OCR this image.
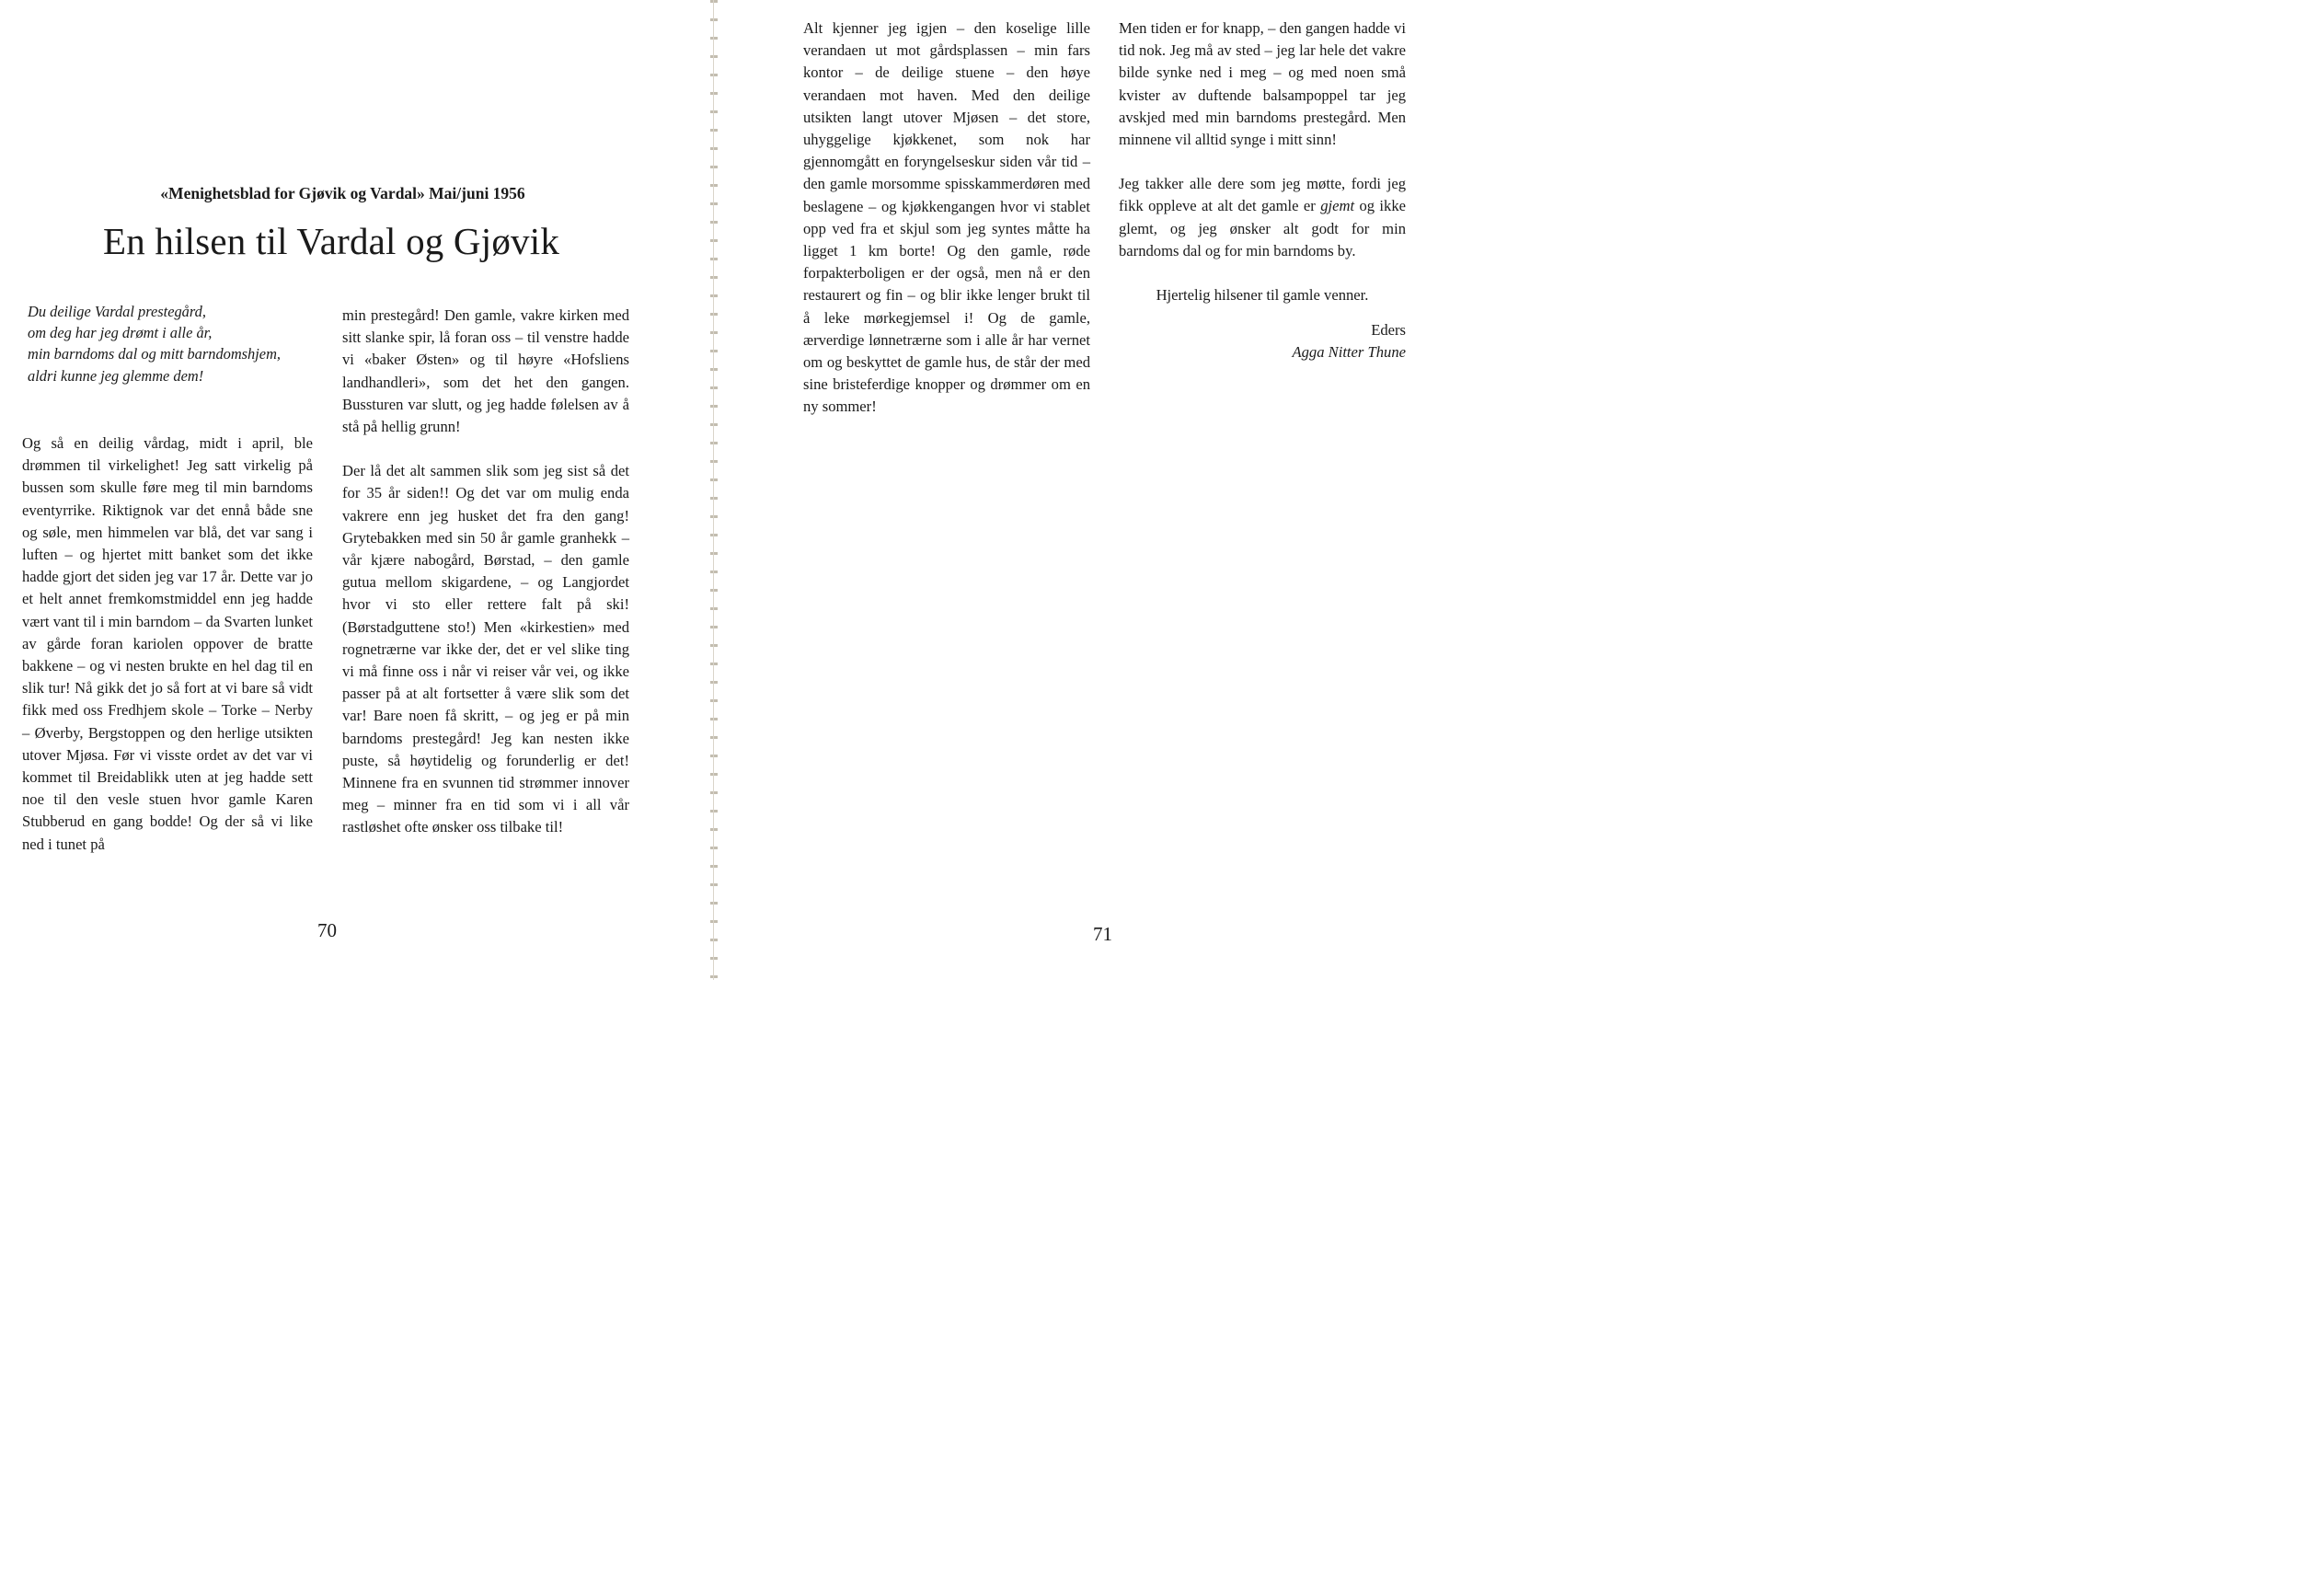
«Menighetsblad for Gjøvik og Vardal» Mai/juni 1956
En hilsen til Vardal og Gjøvik

Du deilige Vardal prestegård,
om deg har jeg drømt i alle år,
min barndoms dal og mitt barndomshjem,
aldri kunne jeg glemme dem!

Og så en deilig vårdag, midt i april, ble drømmen til virkelighet! Jeg satt virkelig på bussen som skulle føre meg til min barndoms eventyrrike. Riktignok var det ennå både sne og søle, men himmelen var blå, det var sang i luften – og hjertet mitt banket som det ikke hadde gjort det siden jeg var 17 år. Dette var jo et helt annet fremkomstmiddel enn jeg hadde vært vant til i min barndom – da Svarten lunket av gårde foran kariolen oppover de bratte bakkene – og vi nesten brukte en hel dag til en slik tur! Nå gikk det jo så fort at vi bare så vidt fikk med oss Fredhjem skole – Torke – Nerby – Øverby, Bergstoppen og den herlige utsikten utover Mjøsa. Før vi visste ordet av det var vi kommet til Breidablikk uten at jeg hadde sett noe til den vesle stuen hvor gamle Karen Stubberud en gang bodde! Og der så vi like ned i tunet på

min prestegård! Den gamle, vakre kirken med sitt slanke spir, lå foran oss – til venstre hadde vi «baker Østen» og til høyre «Hofsliens landhandleri», som det het den gangen. Bussturen var slutt, og jeg hadde følelsen av å stå på hellig grunn!

Der lå det alt sammen slik som jeg sist så det for 35 år siden!! Og det var om mulig enda vakrere enn jeg husket det fra den gang! Grytebakken med sin 50 år gamle granhekk – vår kjære nabogård, Børstad, – den gamle gutua mellom skigardene, – og Langjordet hvor vi sto eller rettere falt på ski! (Børstadguttene sto!) Men «kirkestien» med rognetrærne var ikke der, det er vel slike ting vi må finne oss i når vi reiser vår vei, og ikke passer på at alt fortsetter å være slik som det var! Bare noen få skritt, – og jeg er på min barndoms prestegård! Jeg kan nesten ikke puste, så høytidelig og forunderlig er det! Minnene fra en svunnen tid strømmer innover meg – minner fra en tid som vi i all vår rastløshet ofte ønsker oss tilbake til!

70	71

Alt kjenner jeg igjen – den koselige lille verandaen ut mot gårdsplassen – min fars kontor – de deilige stuene – den høye verandaen mot haven. Med den deilige utsikten langt utover Mjøsen – det store, uhyggelige kjøkkenet, som nok har gjennomgått en foryngelseskur siden vår tid – den gamle morsomme spisskammerdøren med beslagene – og kjøkkengangen hvor vi stablet opp ved fra et skjul som jeg syntes måtte ha ligget 1 km borte! Og den gamle, røde forpakterboligen er der også, men nå er den restaurert og fin – og blir ikke lenger brukt til å leke mørkegjemsel i! Og de gamle, ærverdige lønnetrærne som i alle år har vernet om og beskyttet de gamle hus, de står der med sine bristeferdige knopper og drømmer om en ny sommer!

Men tiden er for knapp, – den gangen hadde vi tid nok. Jeg må av sted – jeg lar hele det vakre bilde synke ned i meg – og med noen små kvister av duftende balsampoppel tar jeg avskjed med min barndoms prestegård. Men minnene vil alltid synge i mitt sinn!

Jeg takker alle dere som jeg møtte, fordi jeg fikk oppleve at alt det gamle er gjemt og ikke glemt, og jeg ønsker alt godt for min barndoms dal og for min barndoms by.

Hjertelig hilsener til gamle venner.

Eders

Agga Nitter Thune
